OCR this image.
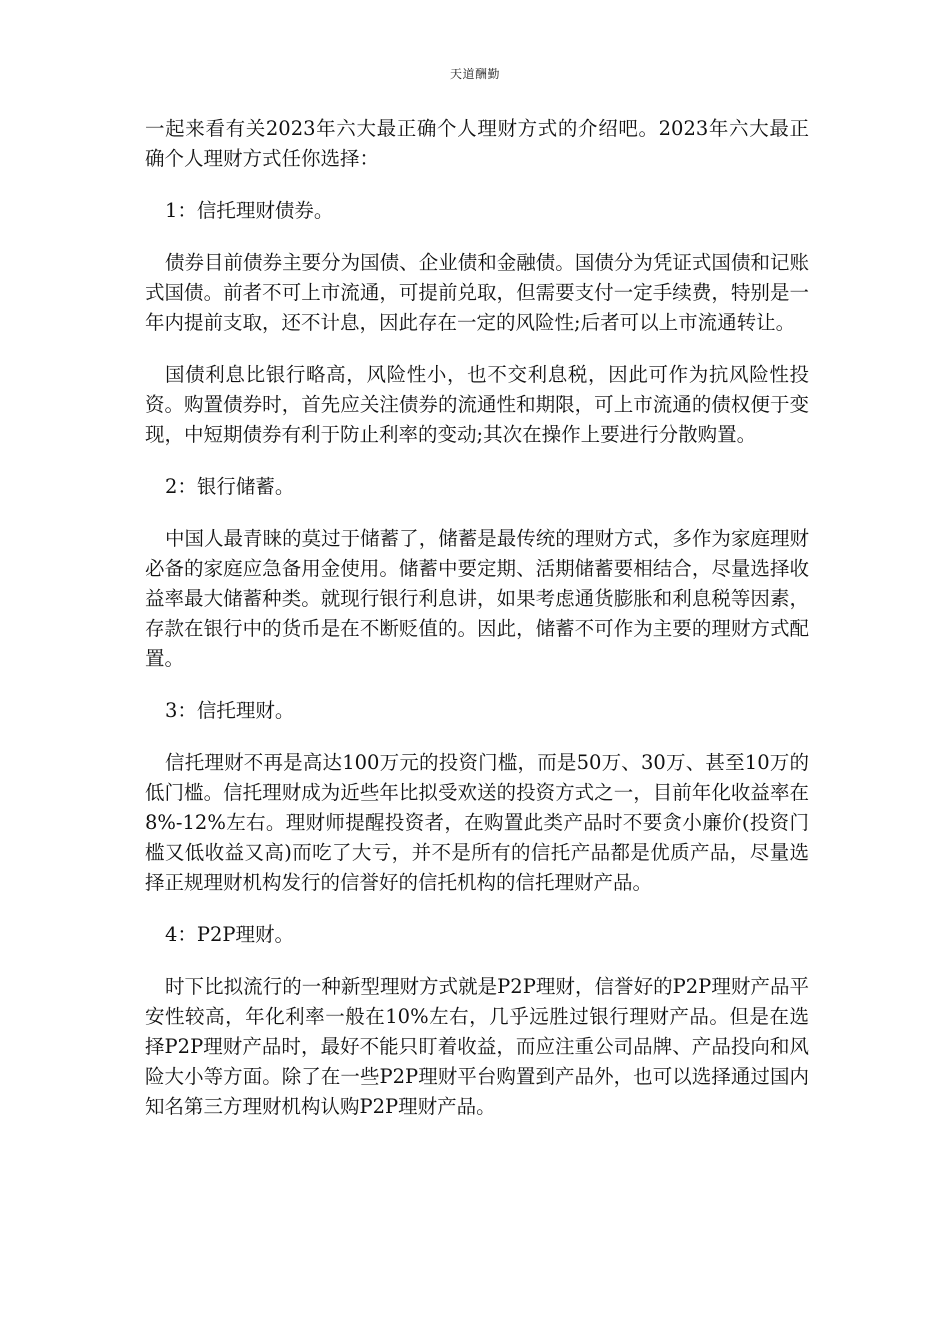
天道酬勤

一起来看有关2023年六大最正确个人理财方式的介绍吧。2023年六大最正确个人理财方式任你选择：

1：信托理财债券。

债券目前债券主要分为国债、企业债和金融债。国债分为凭证式国债和记账式国债。前者不可上市流通，可提前兑取，但需要支付一定手续费，特别是一年内提前支取，还不计息，因此存在一定的风险性;后者可以上市流通转让。

国债利息比银行略高，风险性小，也不交利息税，因此可作为抗风险性投资。购置债券时，首先应关注债券的流通性和期限，可上市流通的债权便于变现，中短期债券有利于防止利率的变动;其次在操作上要进行分散购置。

2：银行储蓄。

中国人最青睐的莫过于储蓄了，储蓄是最传统的理财方式，多作为家庭理财必备的家庭应急备用金使用。储蓄中要定期、活期储蓄要相结合，尽量选择收益率最大储蓄种类。就现行银行利息讲，如果考虑通货膨胀和利息税等因素，存款在银行中的货币是在不断贬值的。因此，储蓄不可作为主要的理财方式配置。

3：信托理财。

信托理财不再是高达100万元的投资门槛，而是50万、30万、甚至10万的低门槛。信托理财成为近些年比拟受欢送的投资方式之一，目前年化收益率在8%-12%左右。理财师提醒投资者，在购置此类产品时不要贪小廉价(投资门槛又低收益又高)而吃了大亏，并不是所有的信托产品都是优质产品，尽量选择正规理财机构发行的信誉好的信托机构的信托理财产品。

4：P2P理财。

时下比拟流行的一种新型理财方式就是P2P理财，信誉好的P2P理财产品平安性较高，年化利率一般在10%左右，几乎远胜过银行理财产品。但是在选择P2P理财产品时，最好不能只盯着收益，而应注重公司品牌、产品投向和风险大小等方面。除了在一些P2P理财平台购置到产品外，也可以选择通过国内知名第三方理财机构认购P2P理财产品。
